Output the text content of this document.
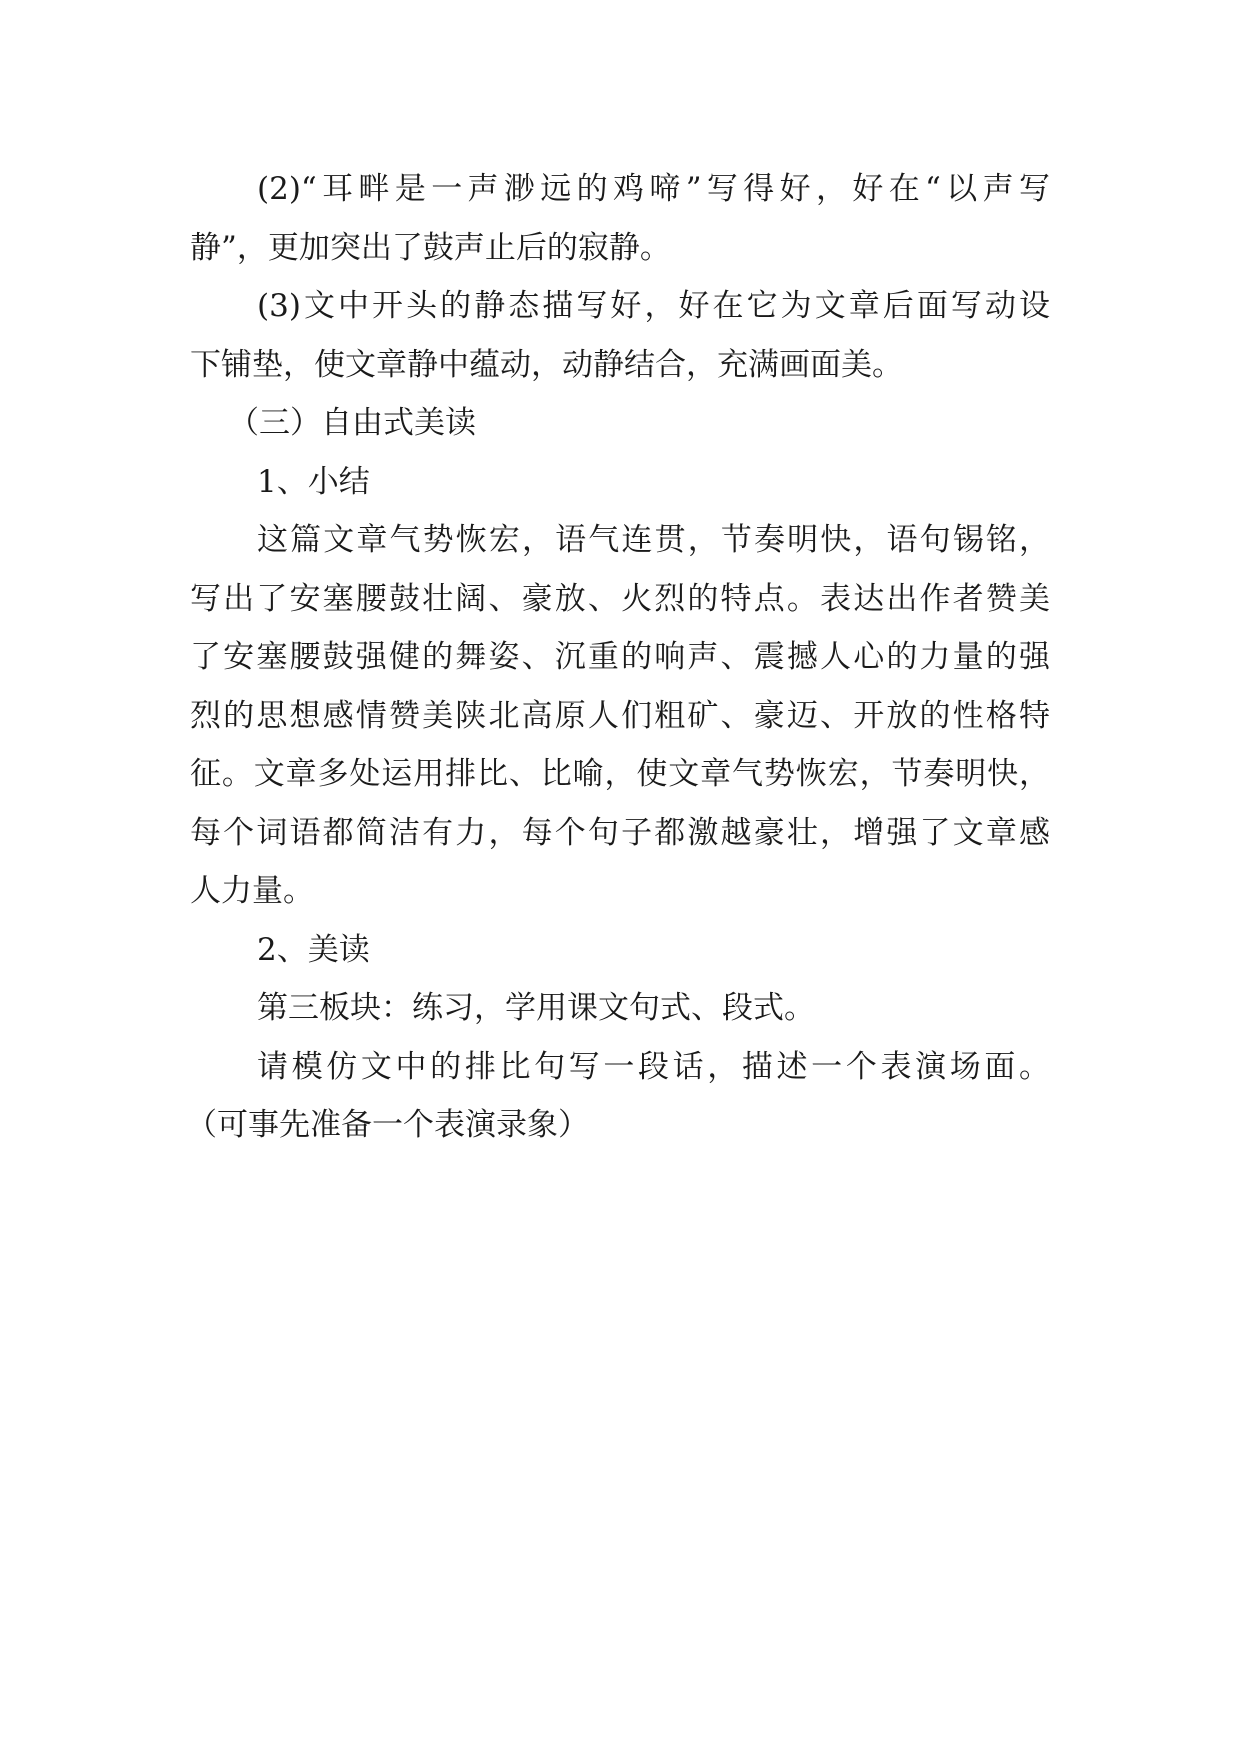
(2)“耳畔是一声渺远的鸡啼”写得好，好在“以声写
静”，更加突出了鼓声止后的寂静。
(3)文中开头的静态描写好，好在它为文章后面写动设
下铺垫，使文章静中蕴动，动静结合，充满画面美。
（三）自由式美读
1、小结
这篇文章气势恢宏，语气连贯，节奏明快，语句锡铭，
写出了安塞腰鼓壮阔、豪放、火烈的特点。表达出作者赞美
了安塞腰鼓强健的舞姿、沉重的响声、震撼人心的力量的强
烈的思想感情赞美陕北高原人们粗矿、豪迈、开放的性格特
征。文章多处运用排比、比喻，使文章气势恢宏，节奏明快，
每个词语都简洁有力，每个句子都激越豪壮，增强了文章感
人力量。
2、美读
第三板块：练习，学用课文句式、段式。
请模仿文中的排比句写一段话，描述一个表演场面。
（可事先准备一个表演录象）
